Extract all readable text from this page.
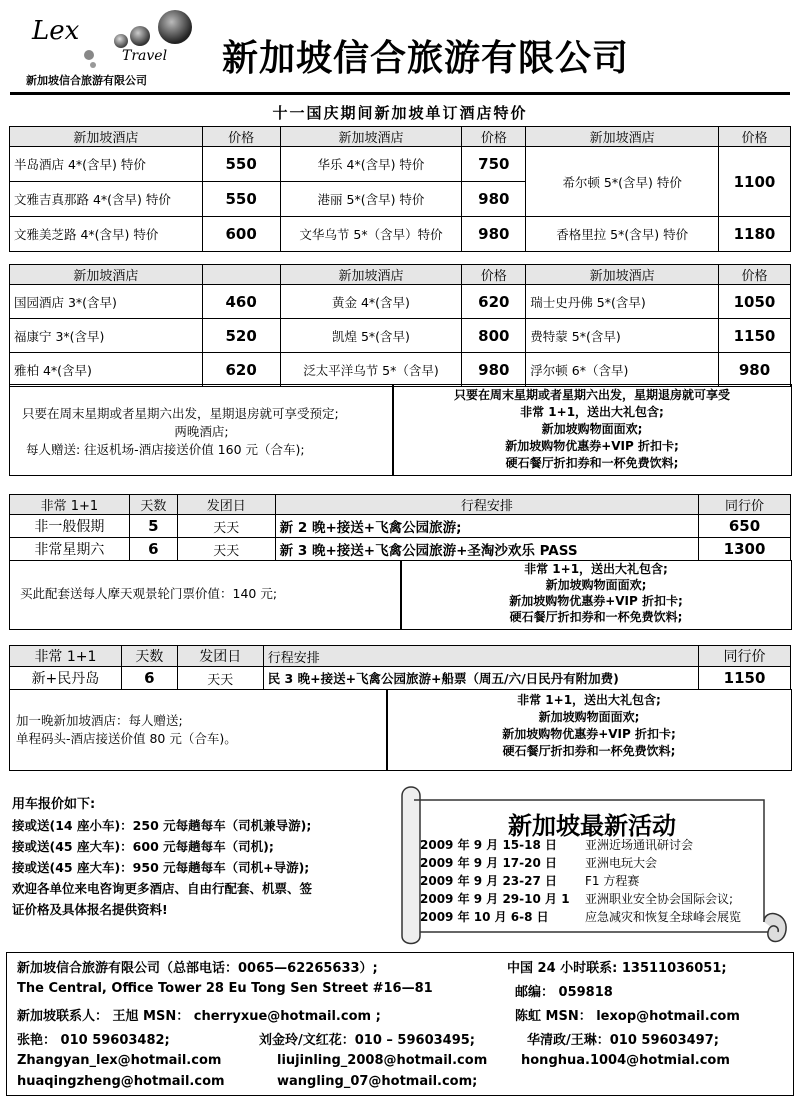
Lex
Travel
新加坡信合旅游有限公司
新加坡信合旅游有限公司
十一国庆期间新加坡单订酒店特价
新加坡酒店	价格	新加坡酒店	价格	新加坡酒店	价格
半岛酒店 4*(含早) 特价	550	华乐 4*(含早) 特价	750	希尔顿 5*(含早) 特价	1100
文雅吉真那路 4*(含早) 特价	550	港丽 5*(含早) 特价	980		
文雅美芝路 4*(含早) 特价	600	文华乌节 5*（含早）特价	980	香格里拉 5*(含早) 特价	1180
新加坡酒店		新加坡酒店	价格	新加坡酒店	价格
国园酒店 3*(含早)	460	黄金 4*(含早)	620	瑞士史丹佛 5*(含早)	1050
福康宁 3*(含早)	520	凯煌 5*(含早)	800	费特蒙 5*(含早)	1150
雅柏 4*(含早)	620	泛太平洋乌节 5*（含早)	980	浮尔顿 6*（含早)	980
只要在周末星期或者星期六出发，星期退房就可享受预定;
两晚酒店;
每人赠送: 往返机场-酒店接送价值 160 元（合车);
只要在周末星期或者星期六出发，星期退房就可享受
非常 1+1，送出大礼包含;
新加坡购物面面欢;
新加坡购物优惠券+VIP 折扣卡;
硬石餐厅折扣券和一杯免费饮料;
非常 1+1	天数	发团日	行程安排	同行价
非一般假期	5	天天	新 2 晚+接送+飞禽公园旅游;	650
非常星期六	6	天天	新 3 晚+接送+飞禽公园旅游+圣淘沙欢乐 PASS	1300
买此配套送每人摩天观景轮门票价值：140 元;
非常 1+1，送出大礼包含;
新加坡购物面面欢;
新加坡购物优惠券+VIP 折扣卡;
硬石餐厅折扣券和一杯免费饮料;
非常 1+1	天数	发团日	行程安排	同行价
新+民丹岛	6	天天	民 3 晚+接送+飞禽公园旅游+船票（周五/六/日民丹有附加费)	1150
加一晚新加坡酒店：每人赠送;
单程码头-酒店接送价值 80 元（合车)。
非常 1+1，送出大礼包含;
新加坡购物面面欢;
新加坡购物优惠券+VIP 折扣卡;
硬石餐厅折扣券和一杯免费饮料;
用车报价如下:
接或送(14 座小车)：250 元每趟每车（司机兼导游);
接或送(45 座大车)：600 元每趟每车（司机);
接或送(45 座大车)：950 元每趟每车（司机+导游);
欢迎各单位来电咨询更多酒店、自由行配套、机票、签
证价格及具体报名提供资料!
新加坡最新活动
2009 年 9 月 15-18 日 亚洲近场通讯研讨会
2009 年 9 月 17-20 日 亚洲电玩大会
2009 年 9 月 23-27 日 F1 方程赛
2009 年 9 月 29-10 月 1 亚洲职业安全协会国际会议;
2009 年 10 月 6-8 日	应急减灾和恢复全球峰会展览
新加坡信合旅游有限公司（总部电话：0065—62265633）;	中国 24 小时联系: 13511036051;
The Central, Office Tower 28 Eu Tong Sen Street #16—81	邮编： 059818
新加坡联系人： 王旭 MSN： cherryxue@hotmail.com ;	陈虹 MSN： lexop@hotmail.com
张艳： 010 59603482;	刘金玲/文红花：010 – 59603495;	华清政/王琳：010 59603497;
Zhangyan_lex@hotmail.com	liujinling_2008@hotmail.com	honghua.1004@hotmial.com
huaqingzheng@hotmail.com	wangling_07@hotmail.com;
